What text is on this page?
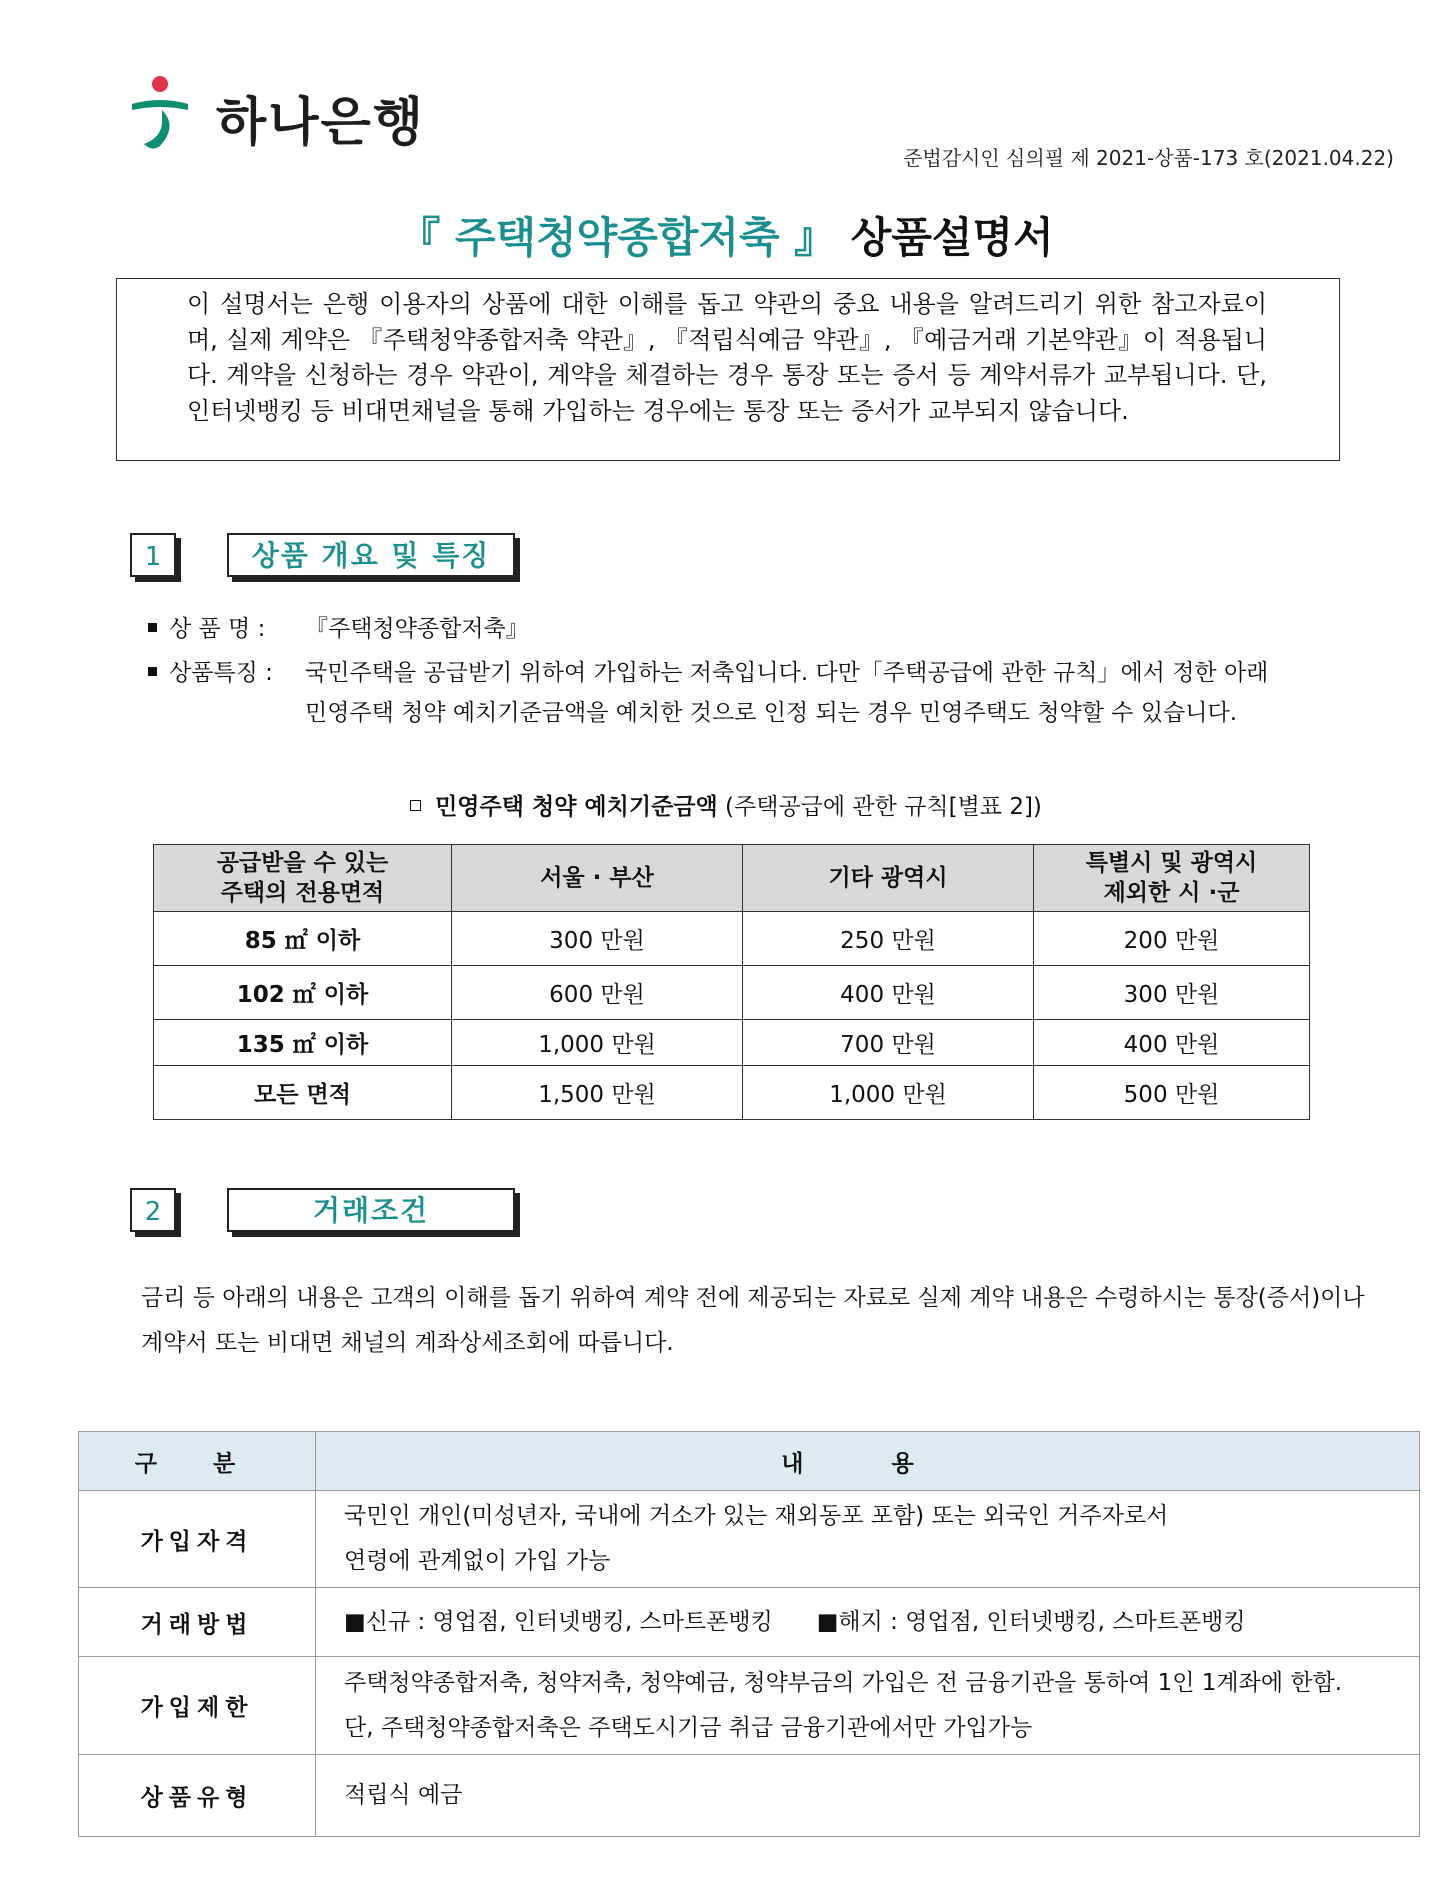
하나은행
준법감시인 심의필 제 2021-상품-173 호(2021.04.22)
『 주택청약종합저축 』 상품설명서
이 설명서는 은행 이용자의 상품에 대한 이해를 돕고 약관의 중요 내용을 알려드리기 위한 참고자료이며, 실제 계약은 『주택청약종합저축 약관』, 『적립식예금 약관』, 『예금거래 기본약관』이 적용됩니다. 계약을 신청하는 경우 약관이, 계약을 체결하는 경우 통장 또는 증서 등 계약서류가 교부됩니다. 단, 인터넷뱅킹 등 비대면채널을 통해 가입하는 경우에는 통장 또는 증서가 교부되지 않습니다.
1	상품 개요 및 특징
상 품 명 : 『주택청약종합저축』
상품특징 : 국민주택을 공급받기 위하여 가입하는 저축입니다. 다만「주택공급에 관한 규칙」에서 정한 아래
민영주택 청약 예치기준금액을 예치한 것으로 인정 되는 경우 민영주택도 청약할 수 있습니다.
민영주택 청약 예치기준금액 (주택공급에 관한 규칙[별표 2])
공급받을 수 있는
주택의 전용면적	서울 · 부산	기타 광역시	특별시 및 광역시
제외한 시 ·군
85 ㎡ 이하	300 만원	250 만원	200 만원
102 ㎡ 이하	600 만원	400 만원	300 만원
135 ㎡ 이하	1,000 만원	700 만원	400 만원
모든 면적	1,500 만원	1,000 만원	500 만원
2	거래조건
금리 등 아래의 내용은 고객의 이해를 돕기 위하여 계약 전에 제공되는 자료로 실제 계약 내용은 수령하시는 통장(증서)이나
계약서 또는 비대면 채널의 계좌상세조회에 따릅니다.
구 분	내 용
가입자격	국민인 개인(미성년자, 국내에 거소가 있는 재외동포 포함) 또는 외국인 거주자로서
연령에 관계없이 가입 가능

거래방법	■신규 : 영업점, 인터넷뱅킹, 스마트폰뱅킹      ■해지 : 영업점, 인터넷뱅킹, 스마트폰뱅킹
가입제한	주택청약종합저축, 청약저축, 청약예금, 청약부금의 가입은 전 금융기관을 통하여 1인 1계좌에 한함.
단, 주택청약종합저축은 주택도시기금 취급 금융기관에서만 가입가능

상품유형	적립식 예금
